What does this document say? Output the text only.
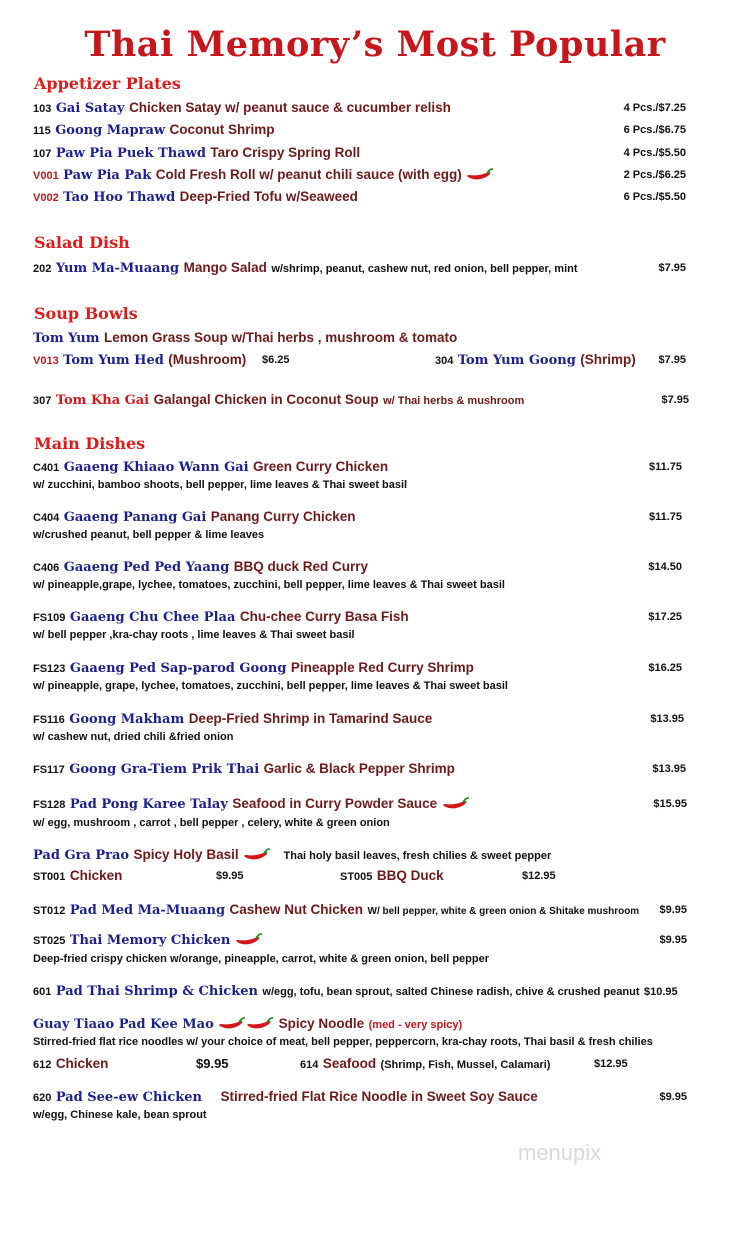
Thai Memory’s Most Popular
Appetizer Plates
103 Gai Satay Chicken Satay w/ peanut sauce & cucumber relish	4 Pcs./$7.25
115 Goong Mapraw Coconut Shrimp	6 Pcs./$6.75
107 Paw Pia Puek Thawd Taro Crispy Spring Roll	4 Pcs./$5.50
V001 Paw Pia Pak Cold Fresh Roll w/ peanut chili sauce (with egg)	2 Pcs./$6.25
V002 Tao Hoo Thawd Deep-Fried Tofu w/Seaweed	6 Pcs./$5.50
Salad Dish
202 Yum Ma-Muaang Mango Salad w/shrimp, peanut, cashew nut, red onion, bell pepper, mint	$7.95
Soup Bowls
Tom Yum Lemon Grass Soup w/Thai herbs , mushroom & tomato
V013 Tom Yum Hed (Mushroom) $6.25	304 Tom Yum Goong (Shrimp) $7.95
307 Tom Kha Gai Galangal Chicken in Coconut Soup w/ Thai herbs & mushroom	$7.95
Main Dishes
C401 Gaaeng Khiaao Wann Gai Green Curry Chicken	$11.75
w/ zucchini, bamboo shoots, bell pepper, lime leaves & Thai sweet basil
C404 Gaaeng Panang Gai Panang Curry Chicken	$11.75
w/crushed peanut, bell pepper & lime leaves
C406 Gaaeng Ped Ped Yaang BBQ duck Red Curry	$14.50
w/ pineapple,grape, lychee, tomatoes, zucchini, bell pepper, lime leaves & Thai sweet basil
FS109 Gaaeng Chu Chee Plaa Chu-chee Curry Basa Fish	$17.25
w/ bell pepper ,kra-chay roots , lime leaves & Thai sweet basil
FS123 Gaaeng Ped Sap-parod Goong Pineapple Red Curry Shrimp	$16.25
w/ pineapple, grape, lychee, tomatoes, zucchini, bell pepper, lime leaves & Thai sweet basil
FS116 Goong Makham Deep-Fried Shrimp in Tamarind Sauce	$13.95
w/ cashew nut, dried chili &fried onion
FS117 Goong Gra-Tiem Prik Thai Garlic & Black Pepper Shrimp	$13.95
FS128 Pad Pong Karee Talay Seafood in Curry Powder Sauce	$15.95
w/ egg, mushroom , carrot , bell pepper , celery, white & green onion
Pad Gra Prao Spicy Holy Basil	Thai holy basil leaves, fresh chilies & sweet pepper
ST001 Chicken	$9.95	ST005 BBQ Duck	$12.95
ST012 Pad Med Ma-Muaang Cashew Nut Chicken W/ bell pepper, white & green onion & Shitake mushroom $9.95
ST025 Thai Memory Chicken	$9.95
Deep-fried crispy chicken w/orange, pineapple, carrot, white & green onion, bell pepper
601 Pad Thai Shrimp & Chicken w/egg, tofu, bean sprout, salted Chinese radish, chive & crushed peanut $10.95
Guay Tiaao Pad Kee Mao	Spicy Noodle (med - very spicy)
Stirred-fried flat rice noodles w/ your choice of meat, bell pepper, peppercorn, kra-chay roots, Thai basil & fresh chilies
612 Chicken	$9.95	614 Seafood (Shrimp, Fish, Mussel, Calamari)	$12.95
620 Pad See-ew Chicken Stirred-fried Flat Rice Noodle in Sweet Soy Sauce	$9.95
w/egg, Chinese kale, bean sprout
menupix
